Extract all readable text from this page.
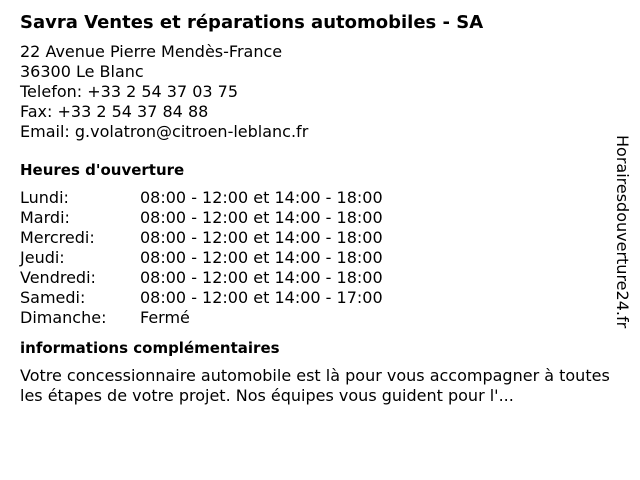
Savra Ventes et réparations automobiles - SA
22 Avenue Pierre Mendès-France
36300 Le Blanc
Telefon: +33 2 54 37 03 75
Fax: +33 2 54 37 84 88
Email: g.volatron@citroen-leblanc.fr
Heures d'ouverture
Lundi:	08:00 - 12:00 et 14:00 - 18:00
Mardi:	08:00 - 12:00 et 14:00 - 18:00
Mercredi:	08:00 - 12:00 et 14:00 - 18:00
Jeudi:	08:00 - 12:00 et 14:00 - 18:00
Vendredi:	08:00 - 12:00 et 14:00 - 18:00
Samedi:	08:00 - 12:00 et 14:00 - 17:00
Dimanche:	Fermé
informations complémentaires
Votre concessionnaire automobile est là pour vous accompagner à toutes les étapes de votre projet. Nos équipes vous guident pour l'...
Horairesdouverture24.fr
